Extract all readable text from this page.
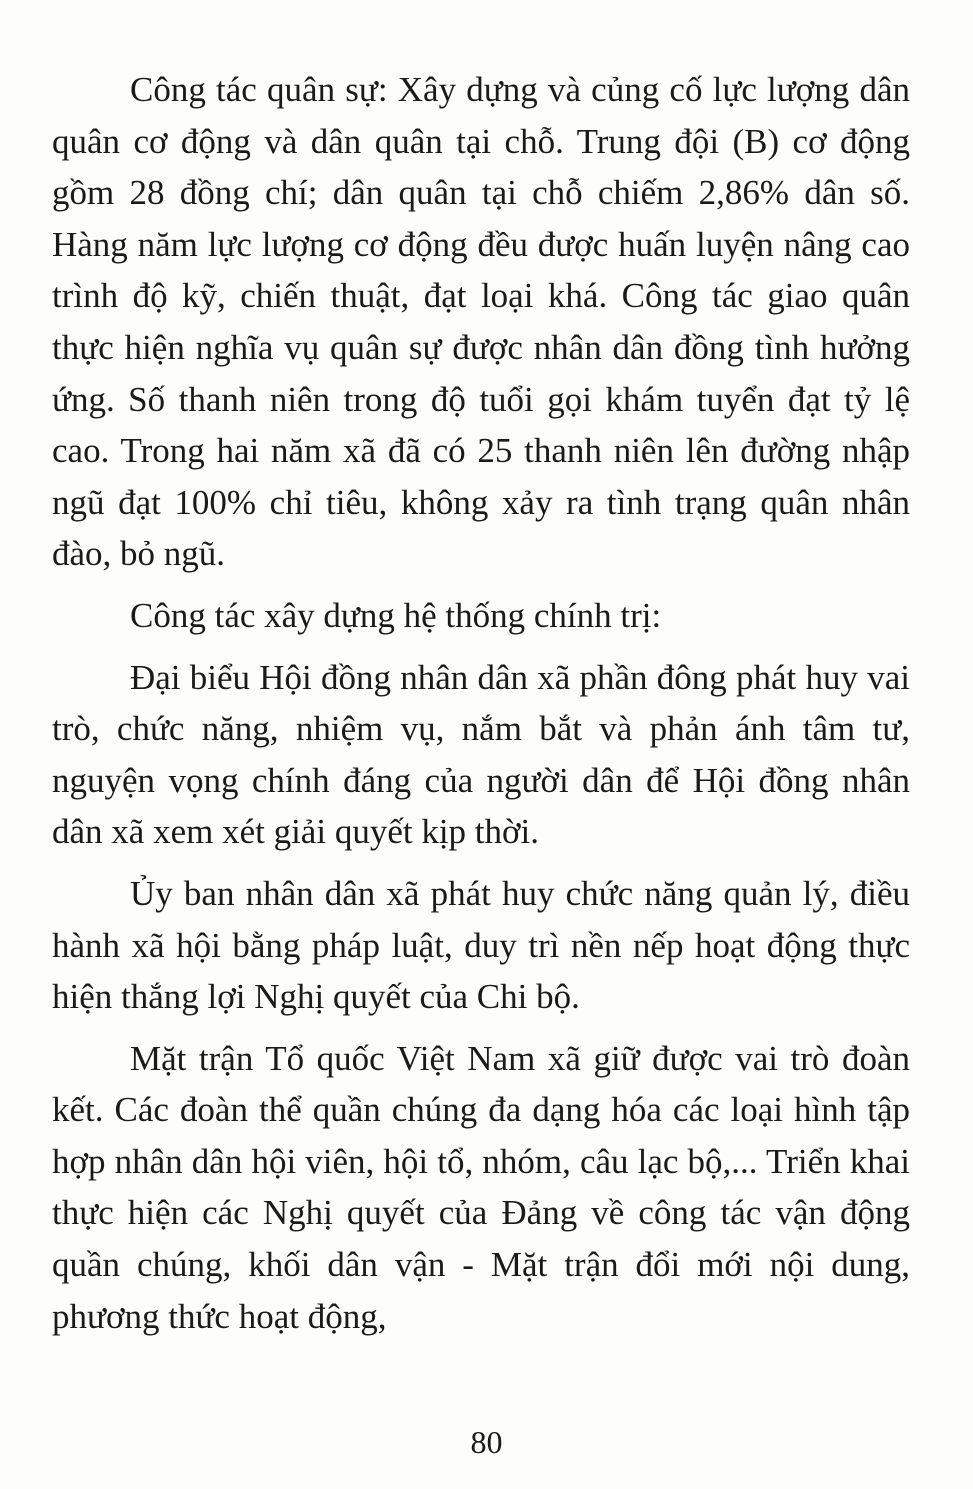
Công tác quân sự: Xây dựng và củng cố lực lượng dân quân cơ động và dân quân tại chỗ. Trung đội (B) cơ động gồm 28 đồng chí; dân quân tại chỗ chiếm 2,86% dân số. Hàng năm lực lượng cơ động đều được huấn luyện nâng cao trình độ kỹ, chiến thuật, đạt loại khá. Công tác giao quân thực hiện nghĩa vụ quân sự được nhân dân đồng tình hưởng ứng. Số thanh niên trong độ tuổi gọi khám tuyển đạt tỷ lệ cao. Trong hai năm xã đã có 25 thanh niên lên đường nhập ngũ đạt 100% chỉ tiêu, không xảy ra tình trạng quân nhân đào, bỏ ngũ.

Công tác xây dựng hệ thống chính trị:

Đại biểu Hội đồng nhân dân xã phần đông phát huy vai trò, chức năng, nhiệm vụ, nắm bắt và phản ánh tâm tư, nguyện vọng chính đáng của người dân để Hội đồng nhân dân xã xem xét giải quyết kịp thời.

Ủy ban nhân dân xã phát huy chức năng quản lý, điều hành xã hội bằng pháp luật, duy trì nền nếp hoạt động thực hiện thắng lợi Nghị quyết của Chi bộ.

Mặt trận Tổ quốc Việt Nam xã giữ được vai trò đoàn kết. Các đoàn thể quần chúng đa dạng hóa các loại hình tập hợp nhân dân hội viên, hội tổ, nhóm, câu lạc bộ,... Triển khai thực hiện các Nghị quyết của Đảng về công tác vận động quần chúng, khối dân vận - Mặt trận đổi mới nội dung, phương thức hoạt động,

80
